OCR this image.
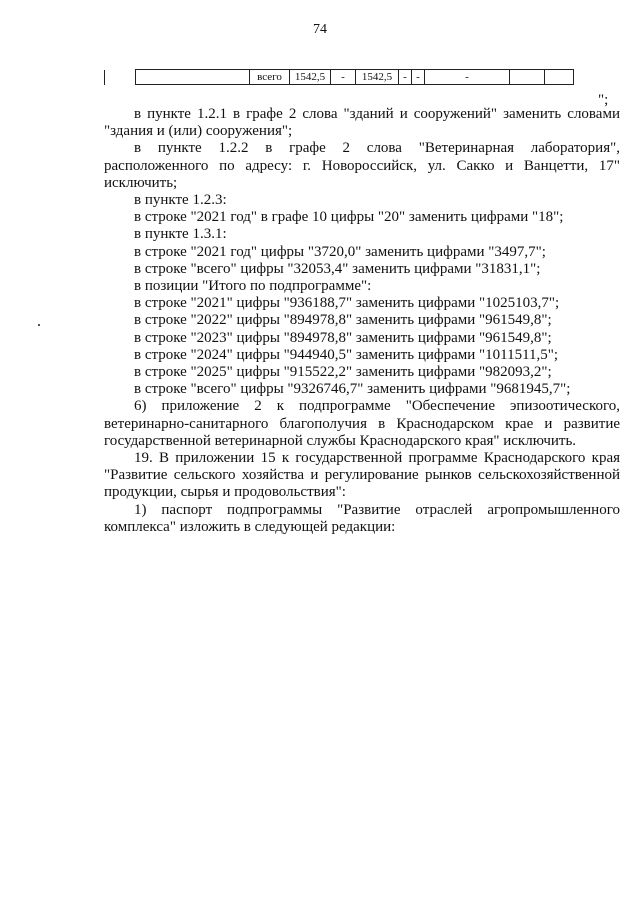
74
		всего	1542,5	-	1542,5	-	-	-		
";

в пункте 1.2.1 в графе 2 слова "зданий и сооружений" заменить словами "здания и (или) сооружения";

в пункте 1.2.2 в графе 2 слова "Ветеринарная лаборатория", расположенного по адресу: г. Новороссийск, ул. Сакко и Ванцетти, 17" исключить;

в пункте 1.2.3:

в строке "2021 год" в графе 10 цифры "20" заменить цифрами "18";

в пункте 1.3.1:

в строке "2021 год" цифры "3720,0" заменить цифрами "3497,7";

в строке "всего" цифры "32053,4" заменить цифрами "31831,1";

в позиции "Итого по подпрограмме":

в строке "2021" цифры "936188,7" заменить цифрами "1025103,7";

в строке "2022" цифры "894978,8" заменить цифрами "961549,8";

в строке "2023" цифры "894978,8" заменить цифрами "961549,8";

в строке "2024" цифры "944940,5" заменить цифрами "1011511,5";

в строке "2025" цифры "915522,2" заменить цифрами "982093,2";

в строке "всего" цифры "9326746,7" заменить цифрами "9681945,7";

6) приложение 2 к подпрограмме "Обеспечение эпизоотического, ветеринарно-санитарного благополучия в Краснодарском крае и развитие государственной ветеринарной службы Краснодарского края" исключить.

19. В приложении 15 к государственной программе Краснодарского края "Развитие сельского хозяйства и регулирование рынков сельскохозяйственной продукции, сырья и продовольствия":

1) паспорт подпрограммы "Развитие отраслей агропромышленного комплекса" изложить в следующей редакции:
